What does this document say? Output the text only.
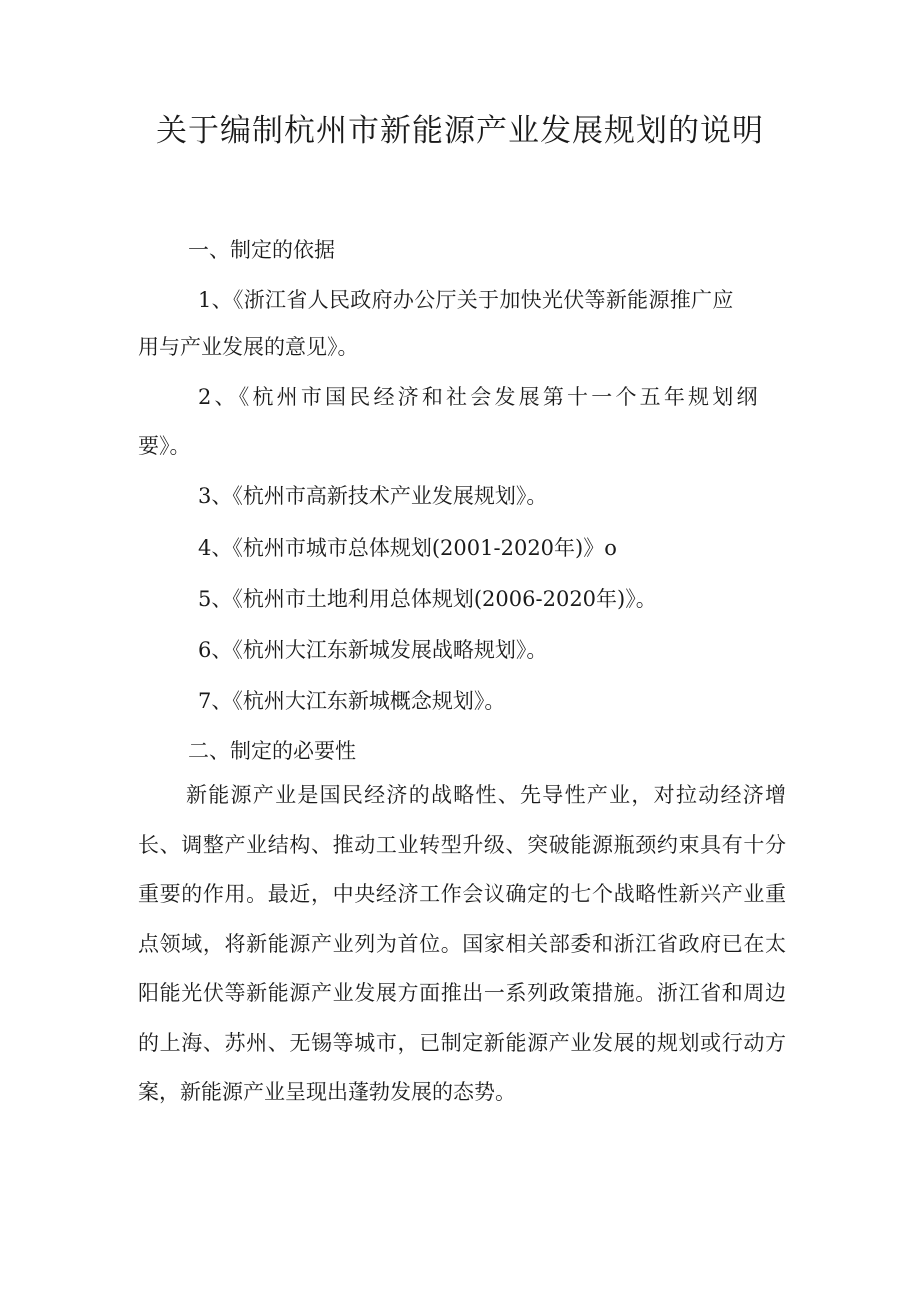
关于编制杭州市新能源产业发展规划的说明

一、制定的依据

1、《浙江省人民政府办公厅关于加快光伏等新能源推广应

用与产业发展的意见》。

2、《杭州市国民经济和社会发展第十一个五年规划纲

要》。

3、《杭州市高新技术产业发展规划》。

4、《杭州市城市总体规划(2001-2020年)》o

5、《杭州市土地利用总体规划(2006-2020年)》。

6、《杭州大江东新城发展战略规划》。

7、《杭州大江东新城概念规划》。

二、制定的必要性

新能源产业是国民经济的战略性、先导性产业，对拉动经济增长、调整产业结构、推动工业转型升级、突破能源瓶颈约束具有十分重要的作用。最近，中央经济工作会议确定的七个战略性新兴产业重点领域，将新能源产业列为首位。国家相关部委和浙江省政府已在太阳能光伏等新能源产业发展方面推出一系列政策措施。浙江省和周边的上海、苏州、无锡等城市，已制定新能源产业发展的规划或行动方案，新能源产业呈现出蓬勃发展的态势。
